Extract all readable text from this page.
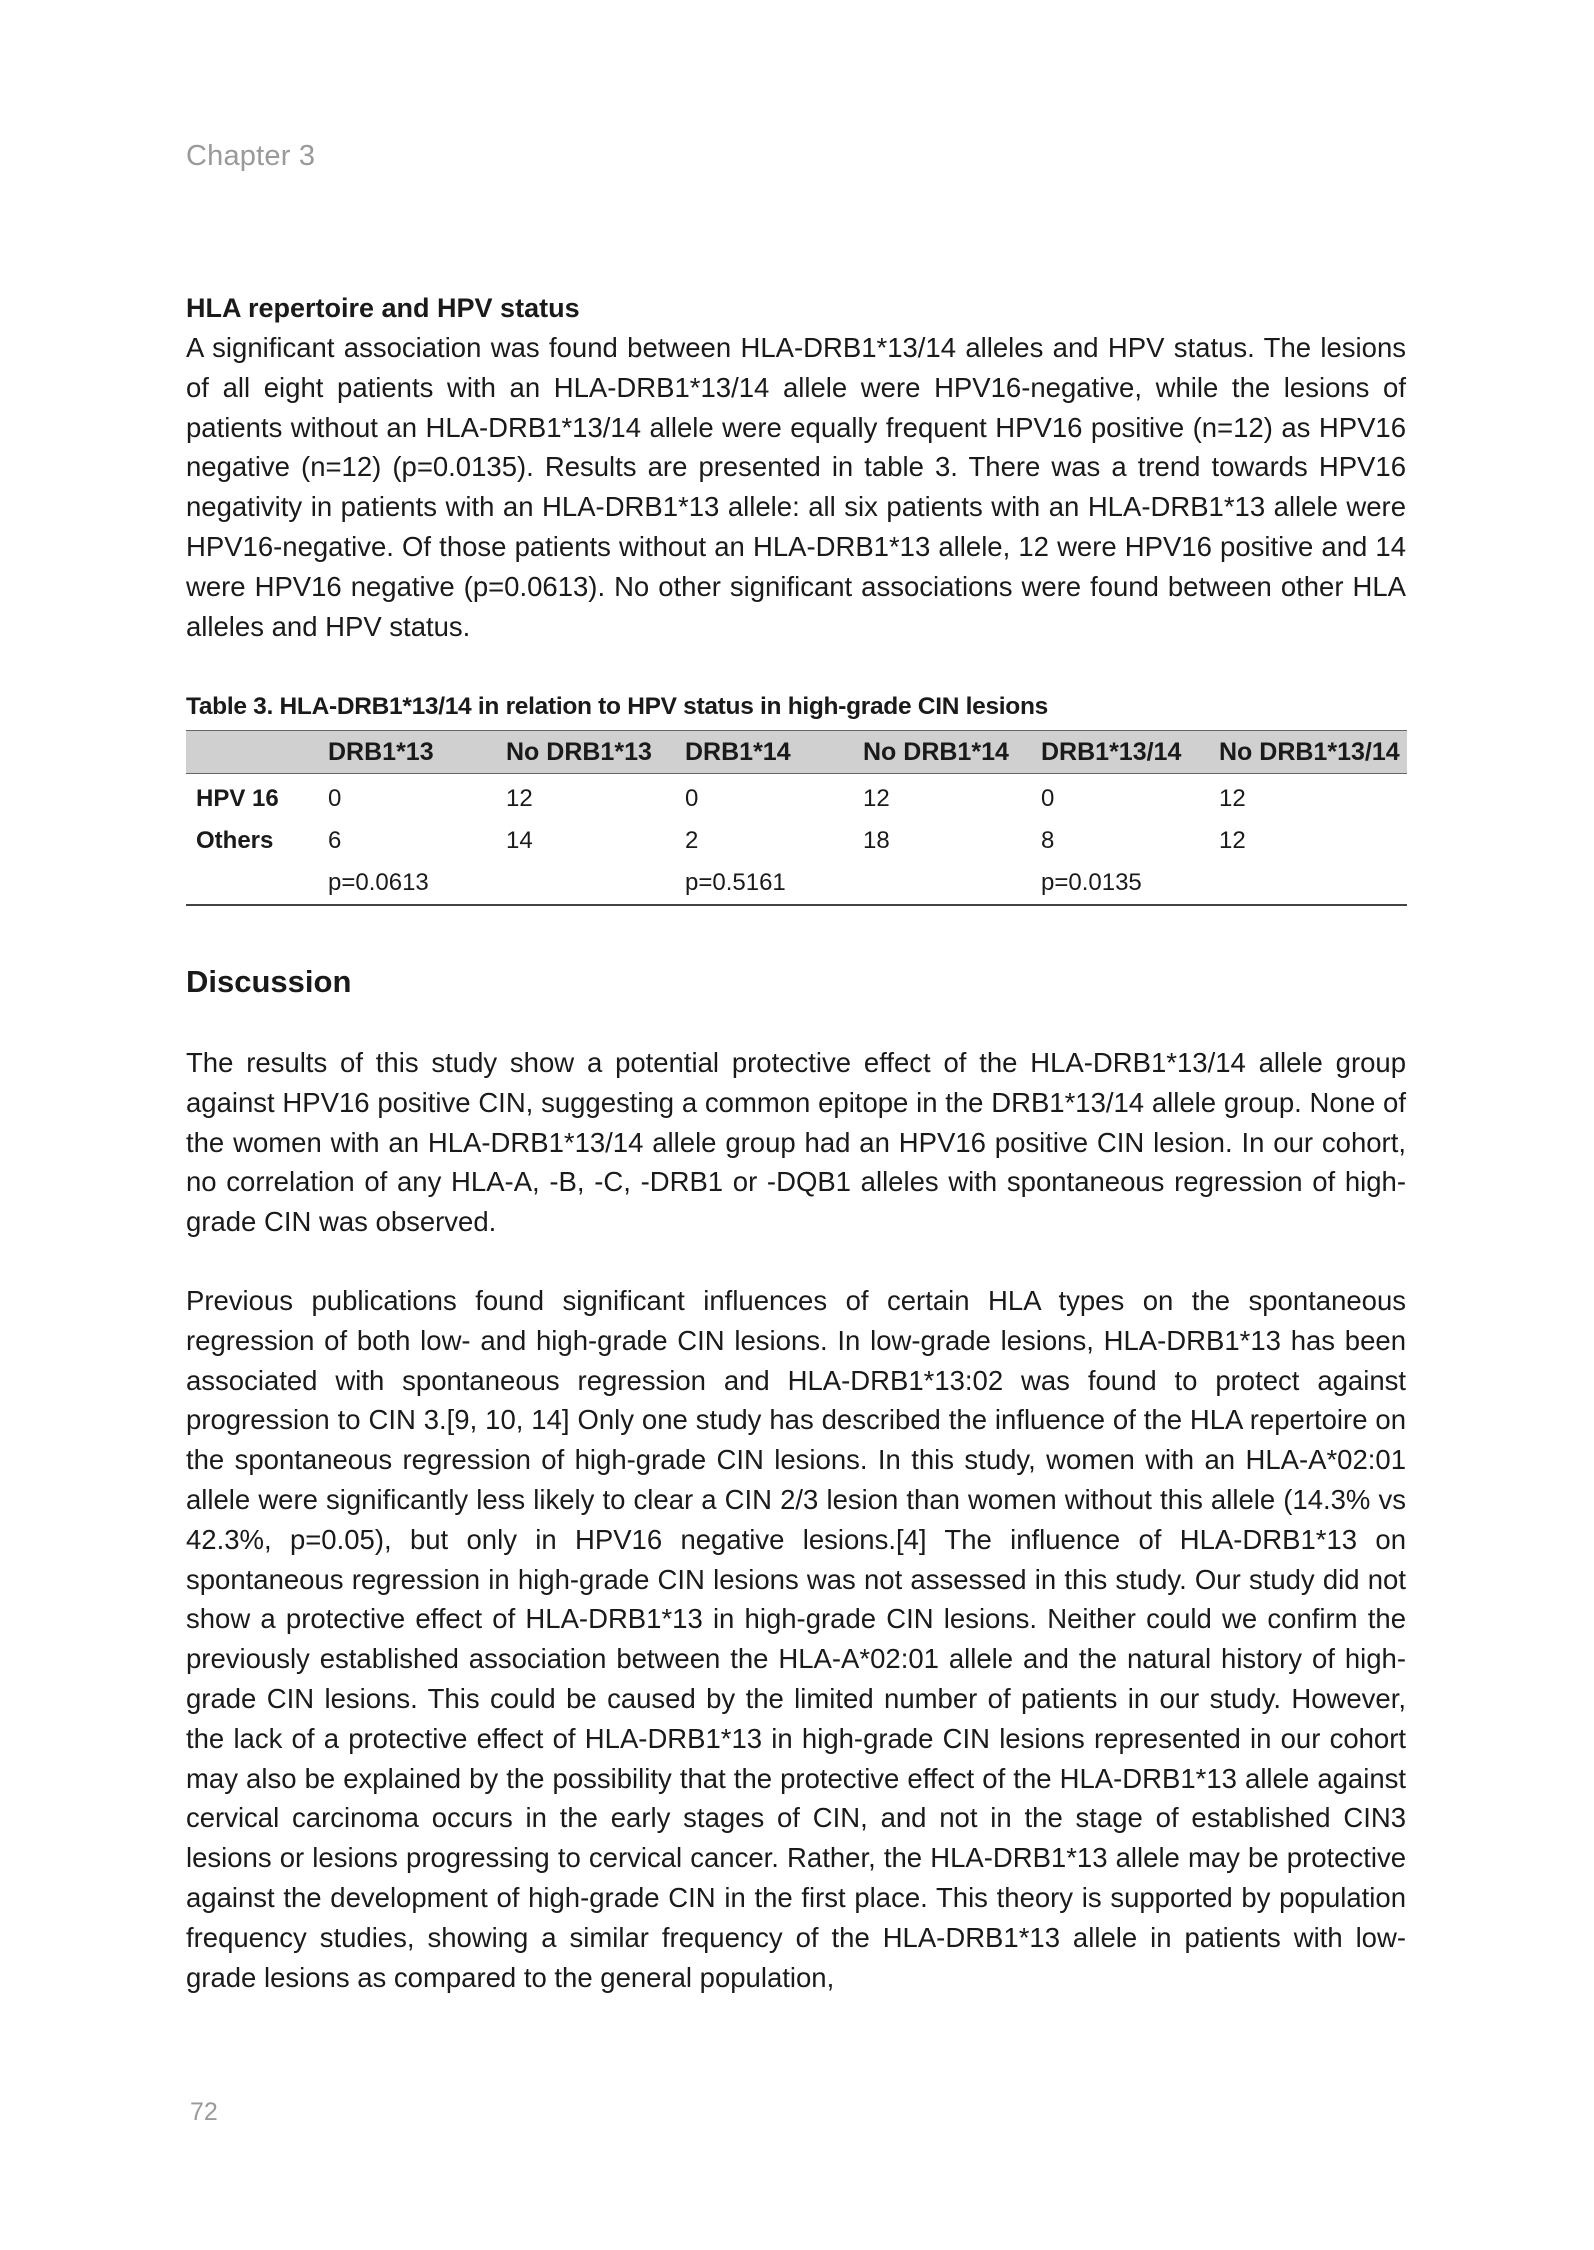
Chapter 3
HLA repertoire and HPV status

A significant association was found between HLA-DRB1*13/14 alleles and HPV status. The lesions of all eight patients with an HLA-DRB1*13/14 allele were HPV16-negative, while the lesions of patients without an HLA-DRB1*13/14 allele were equally frequent HPV16 positive (n=12) as HPV16 negative (n=12) (p=0.0135). Results are presented in table 3. There was a trend towards HPV16 negativity in patients with an HLA-DRB1*13 allele: all six patients with an HLA-DRB1*13 allele were HPV16-negative. Of those patients without an HLA-DRB1*13 allele, 12 were HPV16 positive and 14 were HPV16 negative (p=0.0613). No other significant associations were found between other HLA alleles and HPV status.

Table 3. HLA-DRB1*13/14 in relation to HPV status in high-grade CIN lesions
	DRB1*13	No DRB1*13	DRB1*14	No DRB1*14	DRB1*13/14	No DRB1*13/14
HPV 16	0	12	0	12	0	12
Others	6	14	2	18	8	12
	p=0.0613		p=0.5161		p=0.0135	
Discussion

The results of this study show a potential protective effect of the HLA-DRB1*13/14 allele group against HPV16 positive CIN, suggesting a common epitope in the DRB1*13/14 allele group. None of the women with an HLA-DRB1*13/14 allele group had an HPV16 positive CIN lesion. In our cohort, no correlation of any HLA-A, -B, -C, -DRB1 or -DQB1 alleles with spontaneous regression of high-grade CIN was observed.

Previous publications found significant influences of certain HLA types on the spontaneous regression of both low- and high-grade CIN lesions. In low-grade lesions, HLA-DRB1*13 has been associated with spontaneous regression and HLA-DRB1*13:02 was found to protect against progression to CIN 3.[9, 10, 14] Only one study has described the influence of the HLA repertoire on the spontaneous regression of high-grade CIN lesions. In this study, women with an HLA-A*02:01 allele were significantly less likely to clear a CIN 2/3 lesion than women without this allele (14.3% vs 42.3%, p=0.05), but only in HPV16 negative lesions.[4] The influence of HLA-DRB1*13 on spontaneous regression in high-grade CIN lesions was not assessed in this study. Our study did not show a protective effect of HLA-DRB1*13 in high-grade CIN lesions. Neither could we confirm the previously established association between the HLA-A*02:01 allele and the natural history of high-grade CIN lesions. This could be caused by the limited number of patients in our study. However, the lack of a protective effect of HLA-DRB1*13 in high-grade CIN lesions represented in our cohort may also be explained by the possibility that the protective effect of the HLA-DRB1*13 allele against cervical carcinoma occurs in the early stages of CIN, and not in the stage of established CIN3 lesions or lesions progressing to cervical cancer. Rather, the HLA-DRB1*13 allele may be protective against the development of high-grade CIN in the first place. This theory is supported by population frequency studies, showing a similar frequency of the HLA-DRB1*13 allele in patients with low-grade lesions as compared to the general population,

72
